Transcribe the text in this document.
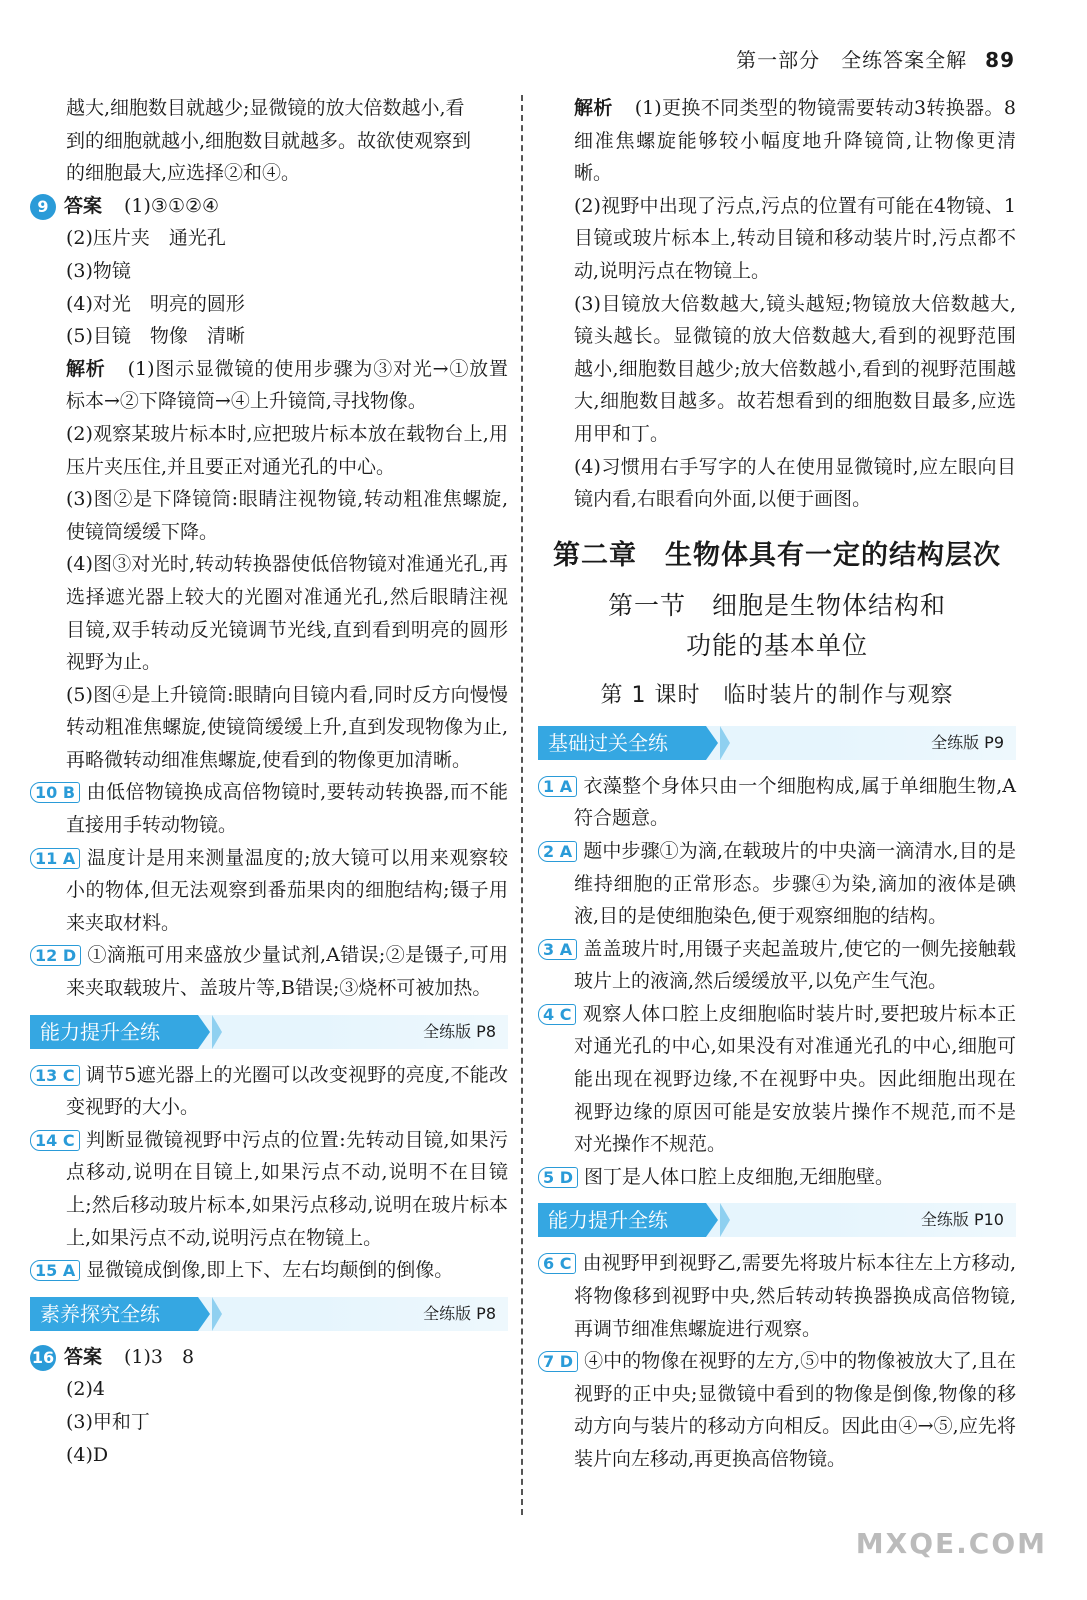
第一部分　全练答案全解 89

越大,细胞数目就越少;显微镜的放大倍数越小,看

到的细胞就越小,细胞数目就越多。故欲使观察到

的细胞最大,应选择②和④。

9 答案 (1)③①②④

(2)压片夹　通光孔

(3)物镜

(4)对光　明亮的圆形

(5)目镜　物像　清晰

解析 (1)图示显微镜的使用步骤为③对光→①放置标本→②下降镜筒→④上升镜筒,寻找物像。

(2)观察某玻片标本时,应把玻片标本放在载物台上,用压片夹压住,并且要正对通光孔的中心。

(3)图②是下降镜筒:眼睛注视物镜,转动粗准焦螺旋,使镜筒缓缓下降。

(4)图③对光时,转动转换器使低倍物镜对准通光孔,再选择遮光器上较大的光圈对准通光孔,然后眼睛注视目镜,双手转动反光镜调节光线,直到看到明亮的圆形视野为止。

(5)图④是上升镜筒:眼睛向目镜内看,同时反方向慢慢转动粗准焦螺旋,使镜筒缓缓上升,直到发现物像为止,再略微转动细准焦螺旋,使看到的物像更加清晰。

10 B 由低倍物镜换成高倍物镜时,要转动转换器,而不能直接用手转动物镜。

11 A 温度计是用来测量温度的;放大镜可以用来观察较小的物体,但无法观察到番茄果肉的细胞结构;镊子用来夹取材料。

12 D ①滴瓶可用来盛放少量试剂,A错误;②是镊子,可用来夹取载玻片、盖玻片等,B错误;③烧杯可被加热。

能力提升全练	全练版 P8

13 C 调节5遮光器上的光圈可以改变视野的亮度,不能改变视野的大小。

14 C 判断显微镜视野中污点的位置:先转动目镜,如果污点移动,说明在目镜上,如果污点不动,说明不在目镜上;然后移动玻片标本,如果污点移动,说明在玻片标本上,如果污点不动,说明污点在物镜上。

15 A 显微镜成倒像,即上下、左右均颠倒的倒像。

素养探究全练	全练版 P8

16 答案 (1)3　8

(2)4

(3)甲和丁

(4)D

解析 (1)更换不同类型的物镜需要转动3转换器。8细准焦螺旋能够较小幅度地升降镜筒,让物像更清晰。

(2)视野中出现了污点,污点的位置有可能在4物镜、1目镜或玻片标本上,转动目镜和移动装片时,污点都不动,说明污点在物镜上。

(3)目镜放大倍数越大,镜头越短;物镜放大倍数越大,镜头越长。显微镜的放大倍数越大,看到的视野范围越小,细胞数目越少;放大倍数越小,看到的视野范围越大,细胞数目越多。故若想看到的细胞数目最多,应选用甲和丁。

(4)习惯用右手写字的人在使用显微镜时,应左眼向目镜内看,右眼看向外面,以便于画图。

第二章　生物体具有一定的结构层次
第一节　细胞是生物体结构和
功能的基本单位
第 1 课时　临时装片的制作与观察
基础过关全练	全练版 P9

1 A 衣藻整个身体只由一个细胞构成,属于单细胞生物,A符合题意。

2 A 题中步骤①为滴,在载玻片的中央滴一滴清水,目的是维持细胞的正常形态。步骤④为染,滴加的液体是碘液,目的是使细胞染色,便于观察细胞的结构。

3 A 盖盖玻片时,用镊子夹起盖玻片,使它的一侧先接触载玻片上的液滴,然后缓缓放平,以免产生气泡。

4 C 观察人体口腔上皮细胞临时装片时,要把玻片标本正对通光孔的中心,如果没有对准通光孔的中心,细胞可能出现在视野边缘,不在视野中央。因此细胞出现在视野边缘的原因可能是安放装片操作不规范,而不是对光操作不规范。

5 D 图丁是人体口腔上皮细胞,无细胞壁。

能力提升全练	全练版 P10

6 C 由视野甲到视野乙,需要先将玻片标本往左上方移动,将物像移到视野中央,然后转动转换器换成高倍物镜,再调节细准焦螺旋进行观察。

7 D ④中的物像在视野的左方,⑤中的物像被放大了,且在视野的正中央;显微镜中看到的物像是倒像,物像的移动方向与装片的移动方向相反。因此由④→⑤,应先将装片向左移动,再更换高倍物镜。

MXQE.COM
